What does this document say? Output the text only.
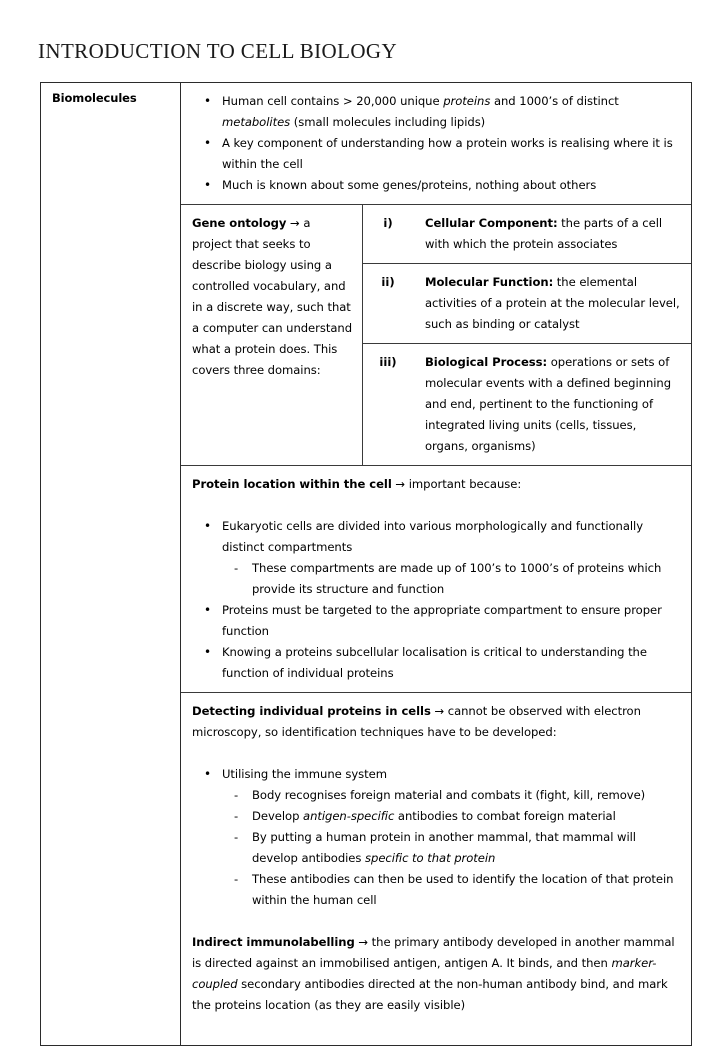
INTRODUCTION TO CELL BIOLOGY
Biomolecules	• Human cell contains > 20,000 unique proteins and 1000’s of distinct metabolites (small molecules including lipids)
• A key component of understanding how a protein works is realising where it is within the cell
• Much is known about some genes/proteins, nothing about others
Gene ontology → a project that seeks to describe biology using a controlled vocabulary, and in a discrete way, such that a computer can understand what a protein does. This covers three domains:
i)	Cellular Component: the parts of a cell with which the protein associates
ii)	Molecular Function: the elemental activities of a protein at the molecular level, such as binding or catalyst
iii)	Biological Process: operations or sets of molecular events with a defined beginning and end, pertinent to the functioning of integrated living units (cells, tissues, organs, organisms)
Protein location within the cell → important because:
• Eukaryotic cells are divided into various morphologically and functionally distinct compartments
- These compartments are made up of 100’s to 1000’s of proteins which provide its structure and function
• Proteins must be targeted to the appropriate compartment to ensure proper function
• Knowing a proteins subcellular localisation is critical to understanding the function of individual proteins
Detecting individual proteins in cells → cannot be observed with electron microscopy, so identification techniques have to be developed:
• Utilising the immune system
- Body recognises foreign material and combats it (fight, kill, remove)
- Develop antigen-specific antibodies to combat foreign material
- By putting a human protein in another mammal, that mammal will develop antibodies specific to that protein
- These antibodies can then be used to identify the location of that protein within the human cell
Indirect immunolabelling → the primary antibody developed in another mammal is directed against an immobilised antigen, antigen A. It binds, and then marker-coupled secondary antibodies directed at the non-human antibody bind, and mark the proteins location (as they are easily visible)
